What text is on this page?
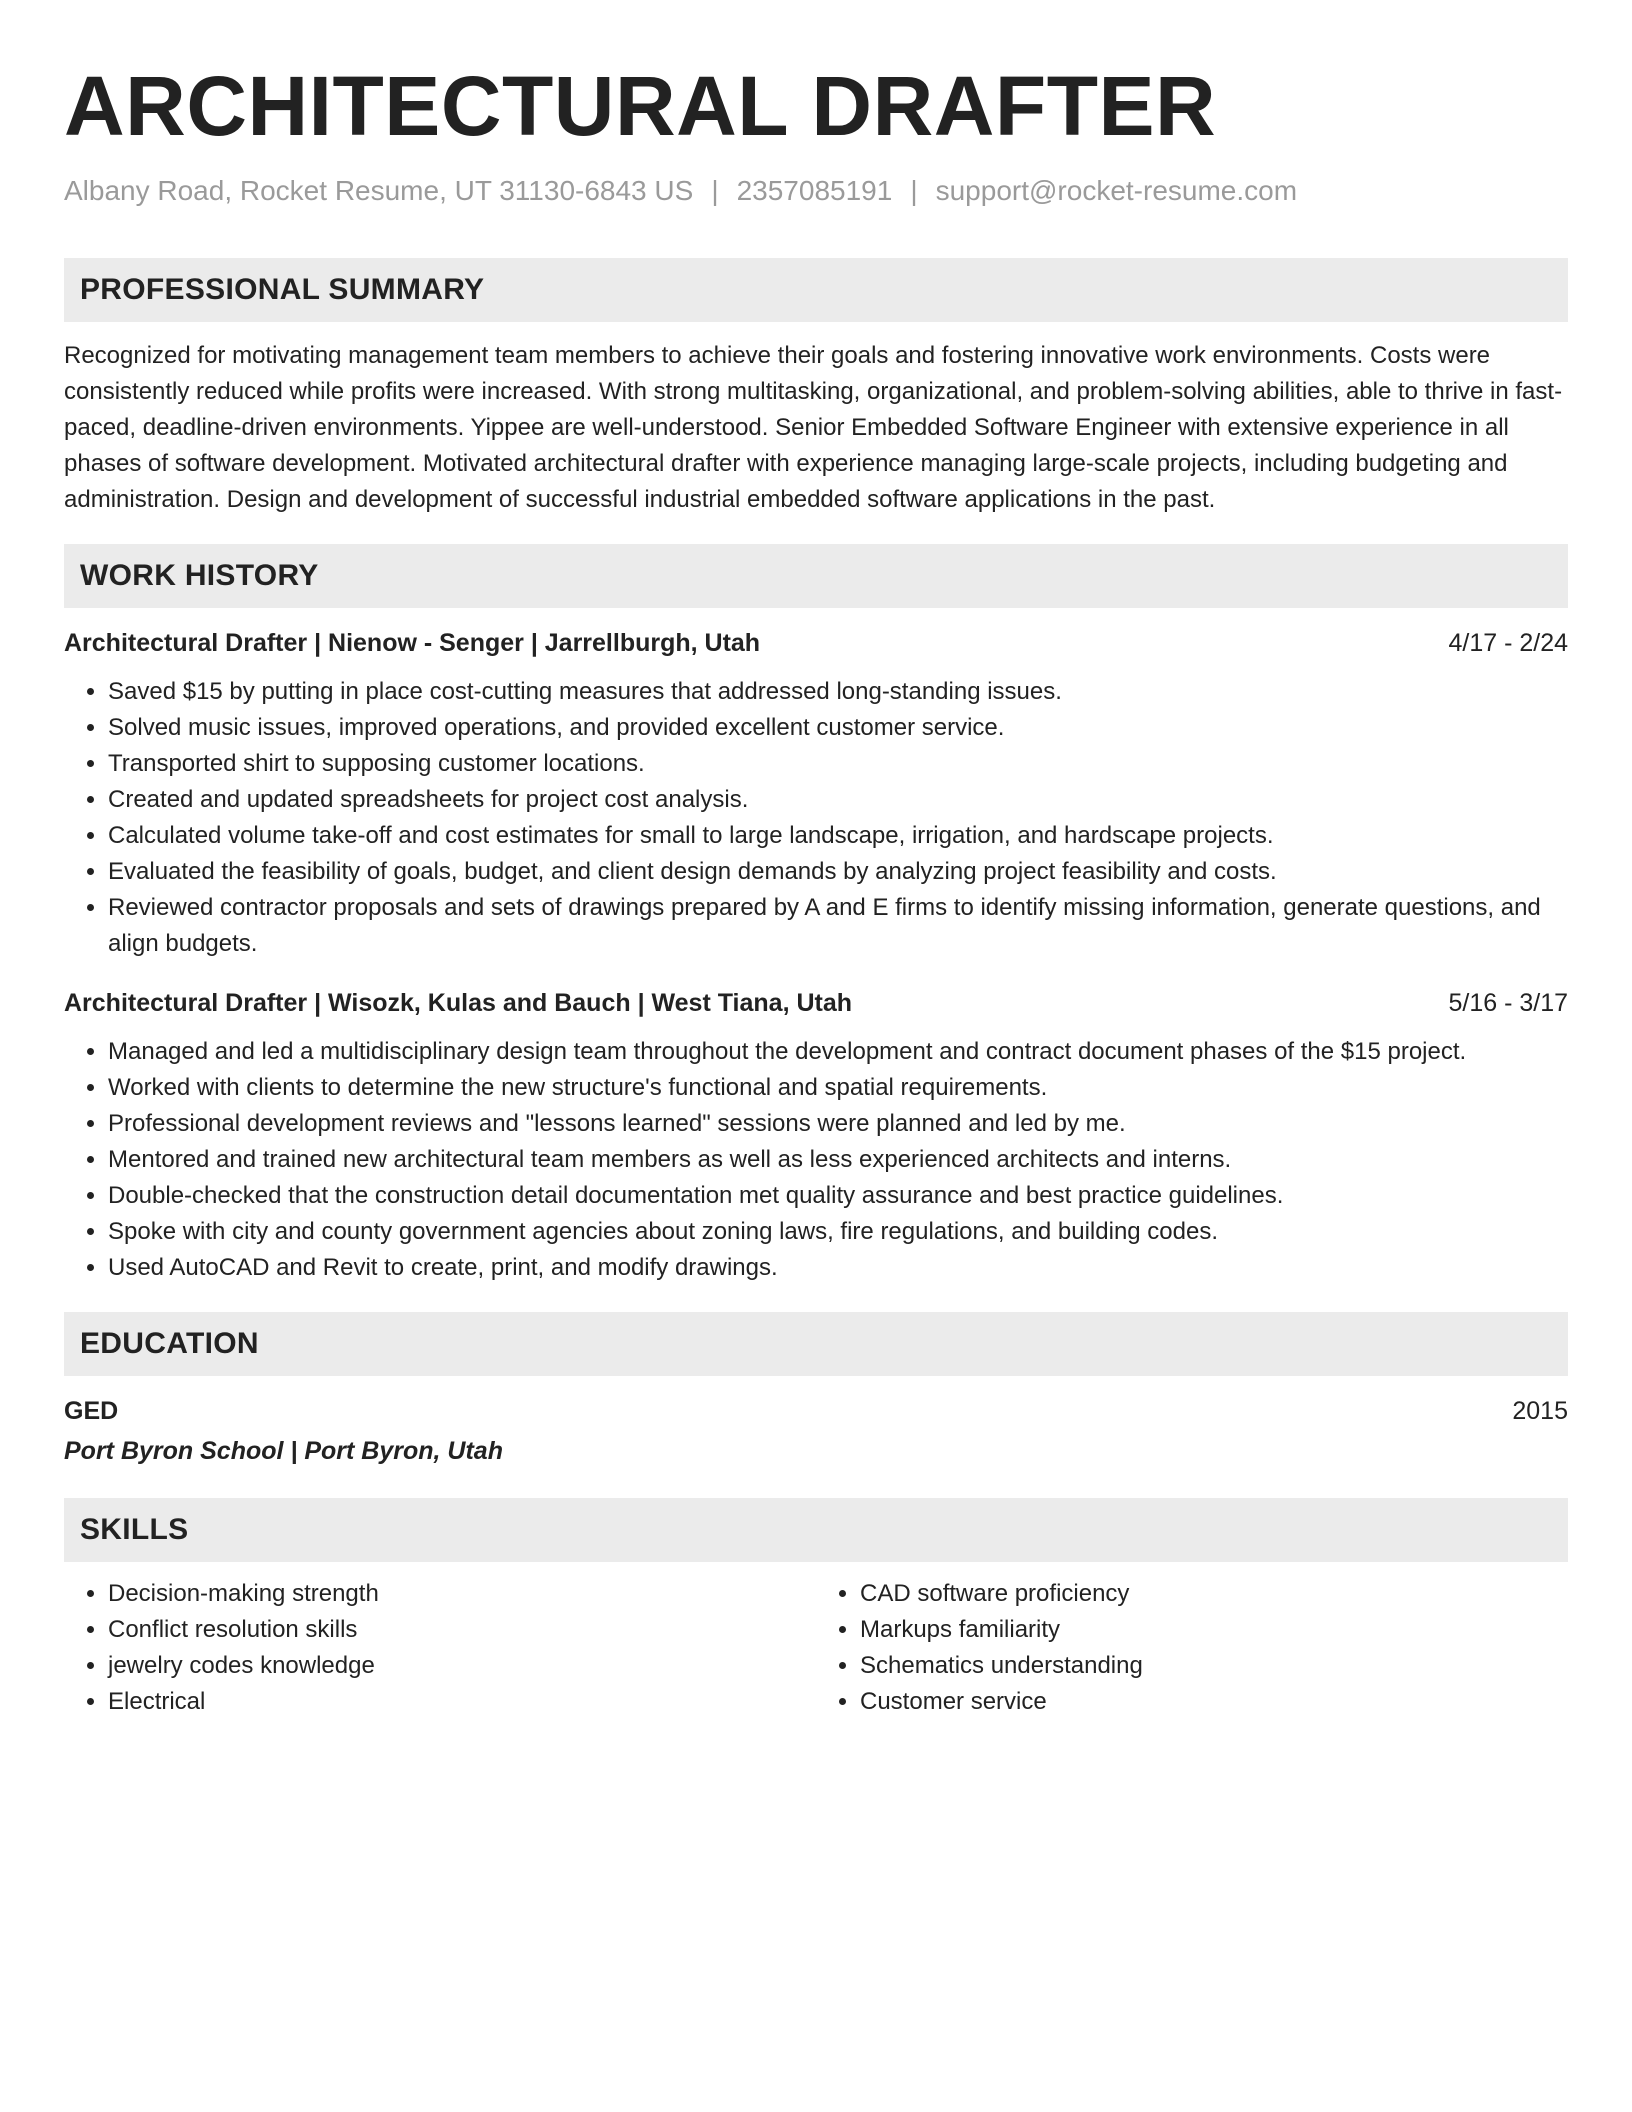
ARCHITECTURAL DRAFTER
Albany Road, Rocket Resume, UT 31130-6843 US | 2357085191 | support@rocket-resume.com
PROFESSIONAL SUMMARY

Recognized for motivating management team members to achieve their goals and fostering innovative work environments. Costs were consistently reduced while profits were increased. With strong multitasking, organizational, and problem-solving abilities, able to thrive in fast-paced, deadline-driven environments. Yippee are well-understood. Senior Embedded Software Engineer with extensive experience in all phases of software development. Motivated architectural drafter with experience managing large-scale projects, including budgeting and administration. Design and development of successful industrial embedded software applications in the past.

WORK HISTORY
Architectural Drafter | Nienow - Senger | Jarrellburgh, Utah	4/17 - 2/24
• Saved $15 by putting in place cost-cutting measures that addressed long-standing issues.
• Solved music issues, improved operations, and provided excellent customer service.
• Transported shirt to supposing customer locations.
• Created and updated spreadsheets for project cost analysis.
• Calculated volume take-off and cost estimates for small to large landscape, irrigation, and hardscape projects.
• Evaluated the feasibility of goals, budget, and client design demands by analyzing project feasibility and costs.
• Reviewed contractor proposals and sets of drawings prepared by A and E firms to identify missing information, generate questions, and align budgets.
Architectural Drafter | Wisozk, Kulas and Bauch | West Tiana, Utah	5/16 - 3/17
• Managed and led a multidisciplinary design team throughout the development and contract document phases of the $15 project.
• Worked with clients to determine the new structure's functional and spatial requirements.
• Professional development reviews and "lessons learned" sessions were planned and led by me.
• Mentored and trained new architectural team members as well as less experienced architects and interns.
• Double-checked that the construction detail documentation met quality assurance and best practice guidelines.
• Spoke with city and county government agencies about zoning laws, fire regulations, and building codes.
• Used AutoCAD and Revit to create, print, and modify drawings.
EDUCATION
GED	2015
Port Byron School | Port Byron, Utah
SKILLS
• Decision-making strength
• Conflict resolution skills
• jewelry codes knowledge
• Electrical
• CAD software proficiency
• Markups familiarity
• Schematics understanding
• Customer service
